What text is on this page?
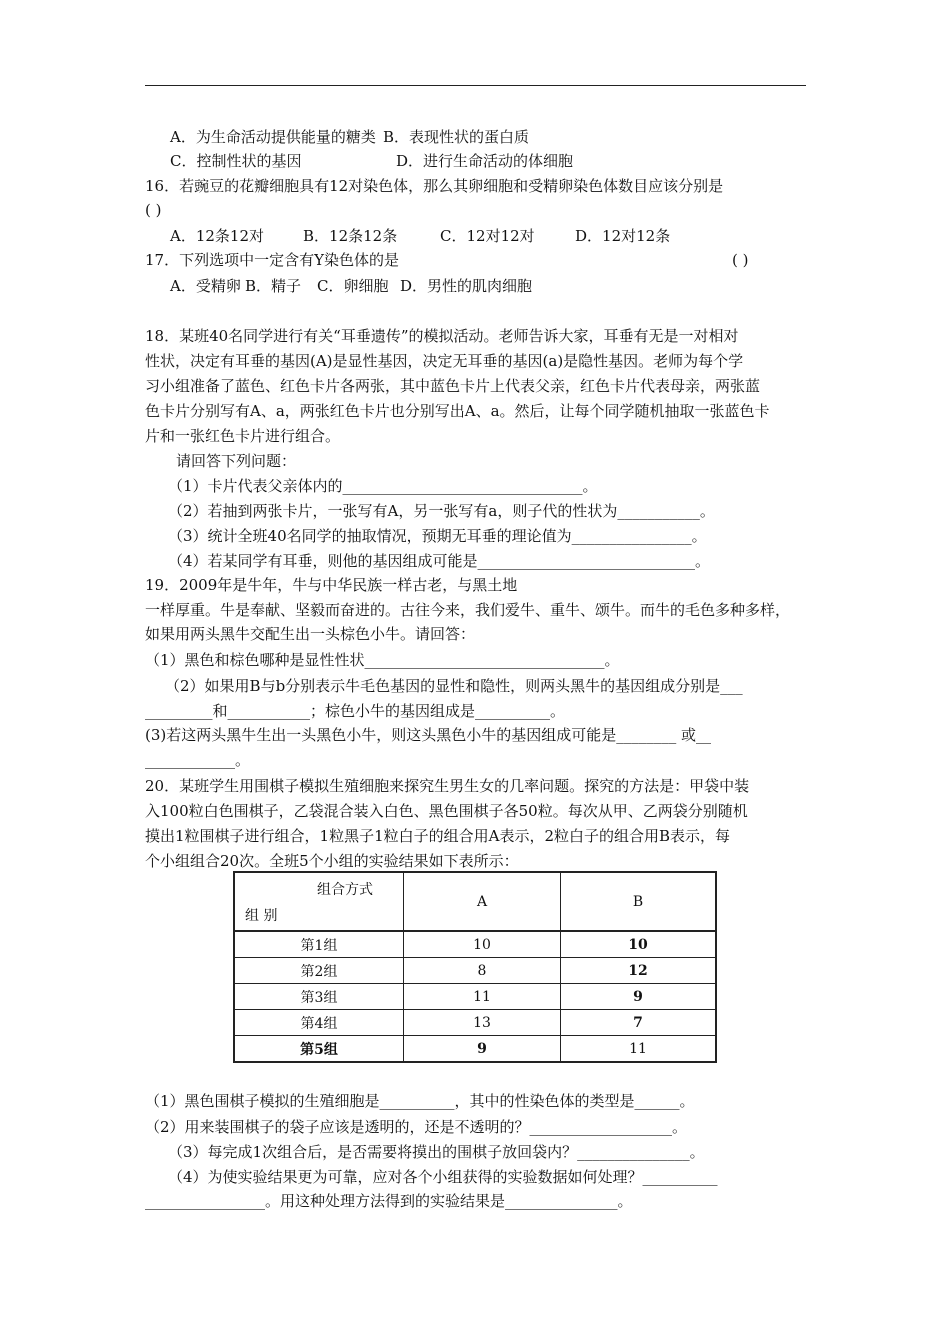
A．为生命活动提供能量的糖类 B．表现性状的蛋白质
C．控制性状的基因	D．进行生命活动的体细胞
16．若豌豆的花瓣细胞具有12对染色体，那么其卵细胞和受精卵染色体数目应该分别是
( )
A．12条12对	B．12条12条	C．12对12对	D．12对12条
17．下列选项中一定含有Y染色体的是	( )
A．受精卵 B．精子 C．卵细胞 D．男性的肌肉细胞
18．某班40名同学进行有关“耳垂遗传”的模拟活动。老师告诉大家，耳垂有无是一对相对
性状，决定有耳垂的基因(A)是显性基因，决定无耳垂的基因(a)是隐性基因。老师为每个学
习小组准备了蓝色、红色卡片各两张，其中蓝色卡片上代表父亲，红色卡片代表母亲，两张蓝
色卡片分别写有A、a，两张红色卡片也分别写出A、a。然后，让每个同学随机抽取一张蓝色卡
片和一张红色卡片进行组合。
请回答下列问题：
（1）卡片代表父亲体内的________________________________。
（2）若抽到两张卡片，一张写有A，另一张写有a，则子代的性状为___________。
（3）统计全班40名同学的抽取情况，预期无耳垂的理论值为________________。
（4）若某同学有耳垂，则他的基因组成可能是_____________________________。
19．2009年是牛年，牛与中华民族一样古老，与黑土地
一样厚重。牛是奉献、坚毅而奋进的。古往今来，我们爱牛、重牛、颂牛。而牛的毛色多种多样，
如果用两头黑牛交配生出一头棕色小牛。请回答：
（1）黑色和棕色哪种是显性性状________________________________。
（2）如果用B与b分别表示牛毛色基因的显性和隐性，则两头黑牛的基因组成分别是___
_________和___________；棕色小牛的基因组成是__________。
(3)若这两头黑牛生出一头黑色小牛，则这头黑色小牛的基因组成可能是________ 或__
____________。
20．某班学生用围棋子模拟生殖细胞来探究生男生女的几率问题。探究的方法是：甲袋中装
入100粒白色围棋子，乙袋混合装入白色、黑色围棋子各50粒。每次从甲、乙两袋分别随机
摸出1粒围棋子进行组合，1粒黑子1粒白子的组合用A表示，2粒白子的组合用B表示，每
个小组组合20次。全班5个小组的实验结果如下表所示：
组合方式
组 别	A	B
第1组	10	10
第2组	8	12
第3组	11	9
第4组	13	7
第5组	9	11
（1）黑色围棋子模拟的生殖细胞是__________，其中的性染色体的类型是______。
（2）用来装围棋子的袋子应该是透明的，还是不透明的？___________________。
（3）每完成1次组合后，是否需要将摸出的围棋子放回袋内？_______________。
（4）为使实验结果更为可靠，应对各个小组获得的实验数据如何处理？__________
________________。用这种处理方法得到的实验结果是_______________。
